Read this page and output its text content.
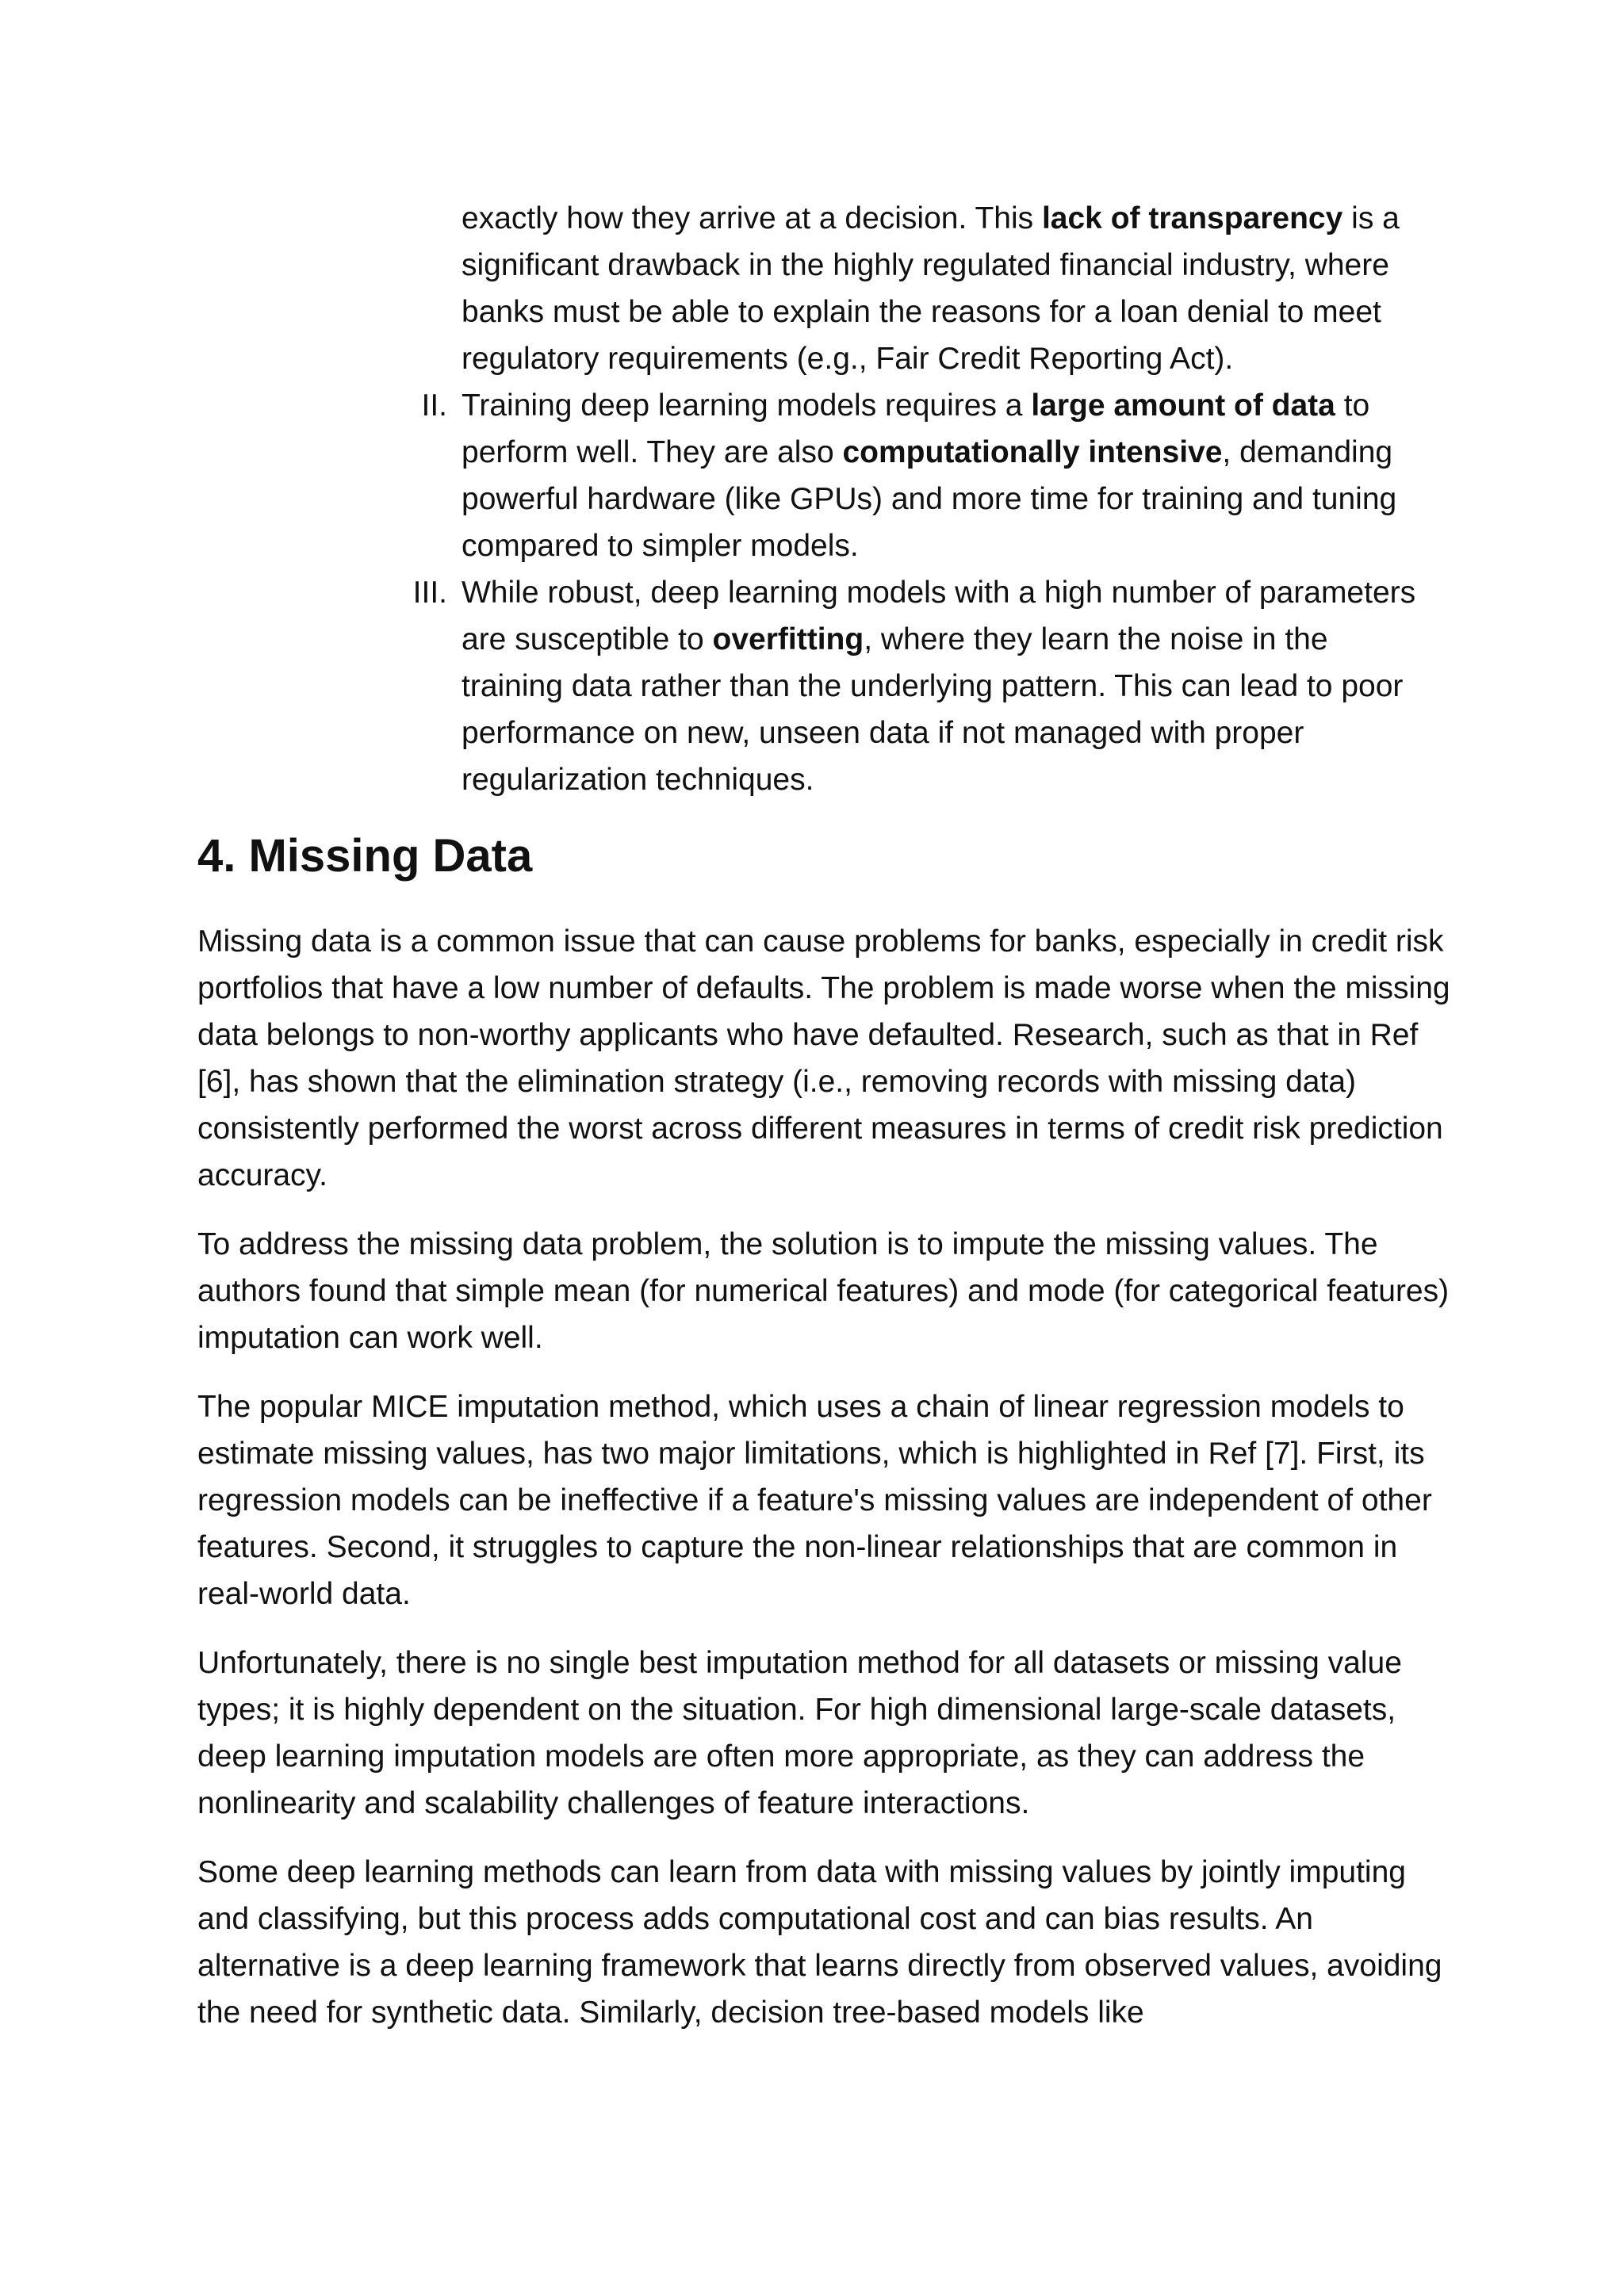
exactly how they arrive at a decision. This lack of transparency is a significant drawback in the highly regulated financial industry, where banks must be able to explain the reasons for a loan denial to meet regulatory requirements (e.g., Fair Credit Reporting Act).

II. Training deep learning models requires a large amount of data to perform well. They are also computationally intensive, demanding powerful hardware (like GPUs) and more time for training and tuning compared to simpler models.

III. While robust, deep learning models with a high number of parameters are susceptible to overfitting, where they learn the noise in the training data rather than the underlying pattern. This can lead to poor performance on new, unseen data if not managed with proper regularization techniques.

4. Missing Data

Missing data is a common issue that can cause problems for banks, especially in credit risk portfolios that have a low number of defaults. The problem is made worse when the missing data belongs to non-worthy applicants who have defaulted. Research, such as that in Ref [6], has shown that the elimination strategy (i.e., removing records with missing data) consistently performed the worst across different measures in terms of credit risk prediction accuracy.

To address the missing data problem, the solution is to impute the missing values. The authors found that simple mean (for numerical features) and mode (for categorical features) imputation can work well.

The popular MICE imputation method, which uses a chain of linear regression models to estimate missing values, has two major limitations, which is highlighted in Ref [7]. First, its regression models can be ineffective if a feature's missing values are independent of other features. Second, it struggles to capture the non-linear relationships that are common in real-world data.

Unfortunately, there is no single best imputation method for all datasets or missing value types; it is highly dependent on the situation. For high dimensional large-scale datasets, deep learning imputation models are often more appropriate, as they can address the nonlinearity and scalability challenges of feature interactions.

Some deep learning methods can learn from data with missing values by jointly imputing and classifying, but this process adds computational cost and can bias results. An alternative is a deep learning framework that learns directly from observed values, avoiding the need for synthetic data. Similarly, decision tree-based models like
